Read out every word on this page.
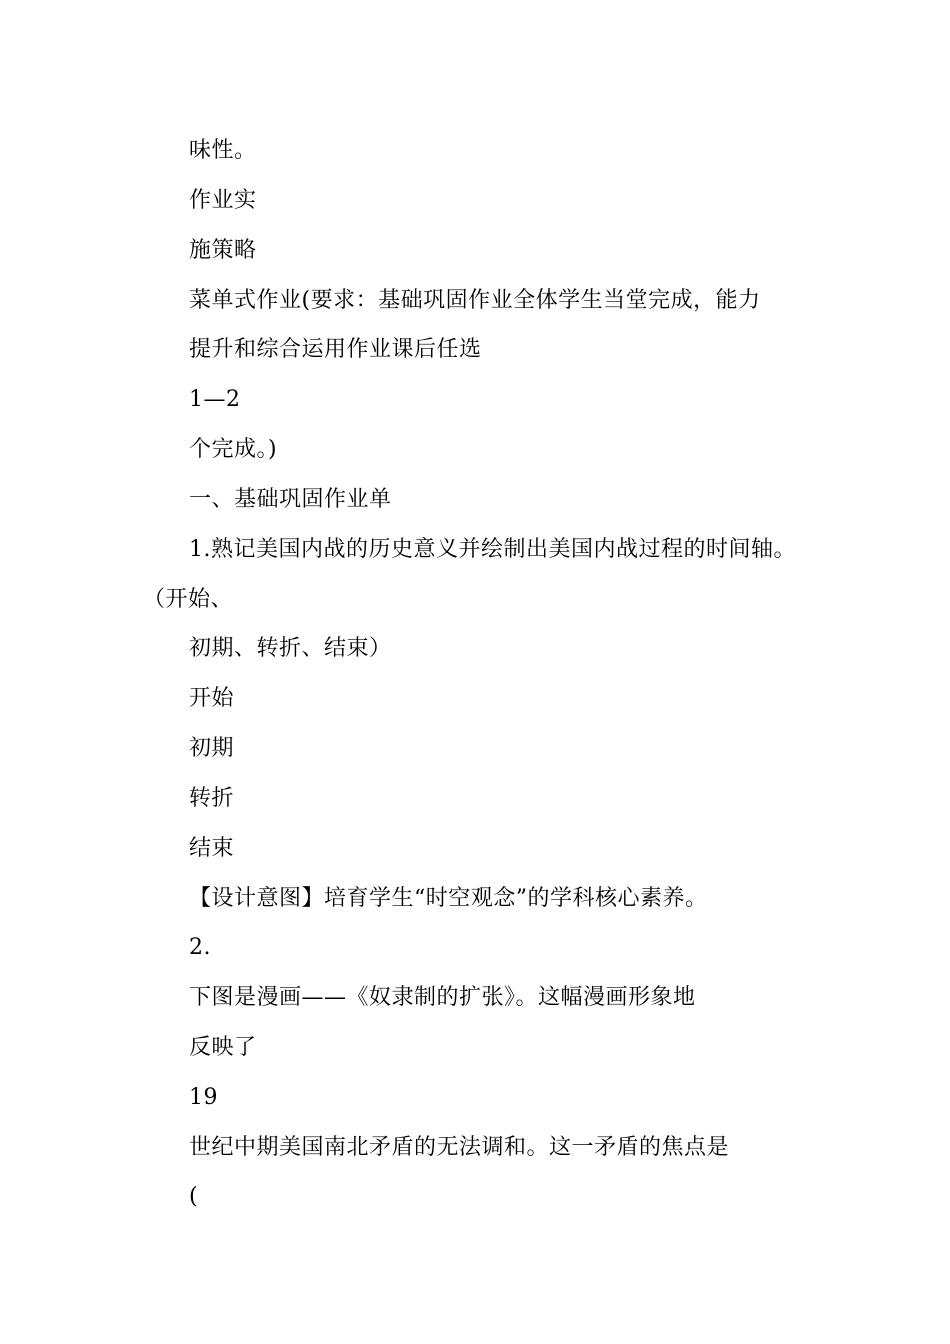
味性。
作业实
施策略
菜单式作业(要求：基础巩固作业全体学生当堂完成，能力
提升和综合运用作业课后任选
1—2
个完成。)
一、基础巩固作业单
1.熟记美国内战的历史意义并绘制出美国内战过程的时间轴。
（开始、
初期、转折、结束）
开始
初期
转折
结束
【设计意图】培育学生“时空观念”的学科核心素养。
2.
下图是漫画——《奴隶制的扩张》。这幅漫画形象地
反映了
19
世纪中期美国南北矛盾的无法调和。这一矛盾的焦点是
(
